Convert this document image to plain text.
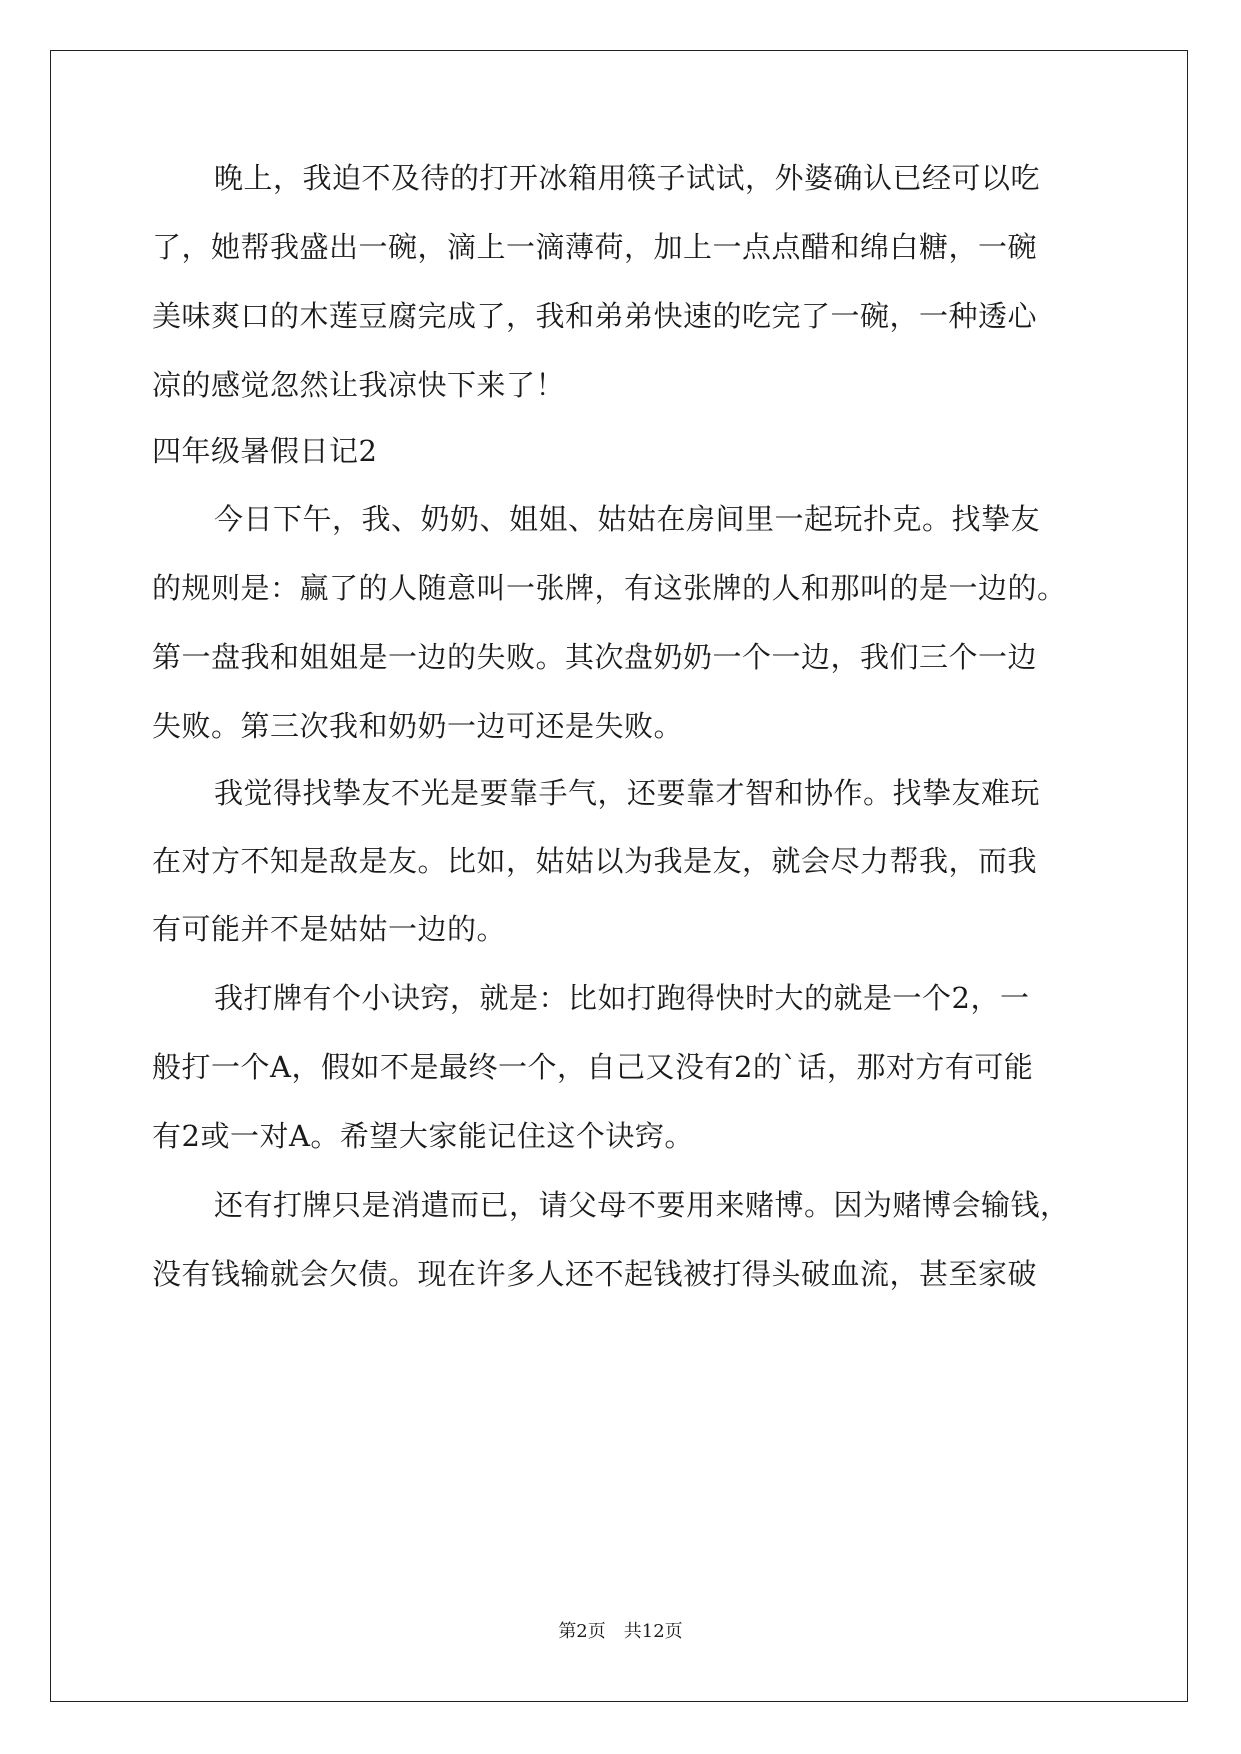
晚上，我迫不及待的打开冰箱用筷子试试，外婆确认已经可以吃
了，她帮我盛出一碗，滴上一滴薄荷，加上一点点醋和绵白糖，一碗
美味爽口的木莲豆腐完成了，我和弟弟快速的吃完了一碗，一种透心
凉的感觉忽然让我凉快下来了！
四年级暑假日记2
今日下午，我、奶奶、姐姐、姑姑在房间里一起玩扑克。找挚友
的规则是：赢了的人随意叫一张牌，有这张牌的人和那叫的是一边的。
第一盘我和姐姐是一边的失败。其次盘奶奶一个一边，我们三个一边
失败。第三次我和奶奶一边可还是失败。
我觉得找挚友不光是要靠手气，还要靠才智和协作。找挚友难玩
在对方不知是敌是友。比如，姑姑以为我是友，就会尽力帮我，而我
有可能并不是姑姑一边的。
我打牌有个小诀窍，就是：比如打跑得快时大的就是一个2，一
般打一个A，假如不是最终一个，自己又没有2的`话，那对方有可能
有2或一对A。希望大家能记住这个诀窍。
还有打牌只是消遣而已，请父母不要用来赌博。因为赌博会输钱，
没有钱输就会欠债。现在许多人还不起钱被打得头破血流，甚至家破
第2页 共12页
